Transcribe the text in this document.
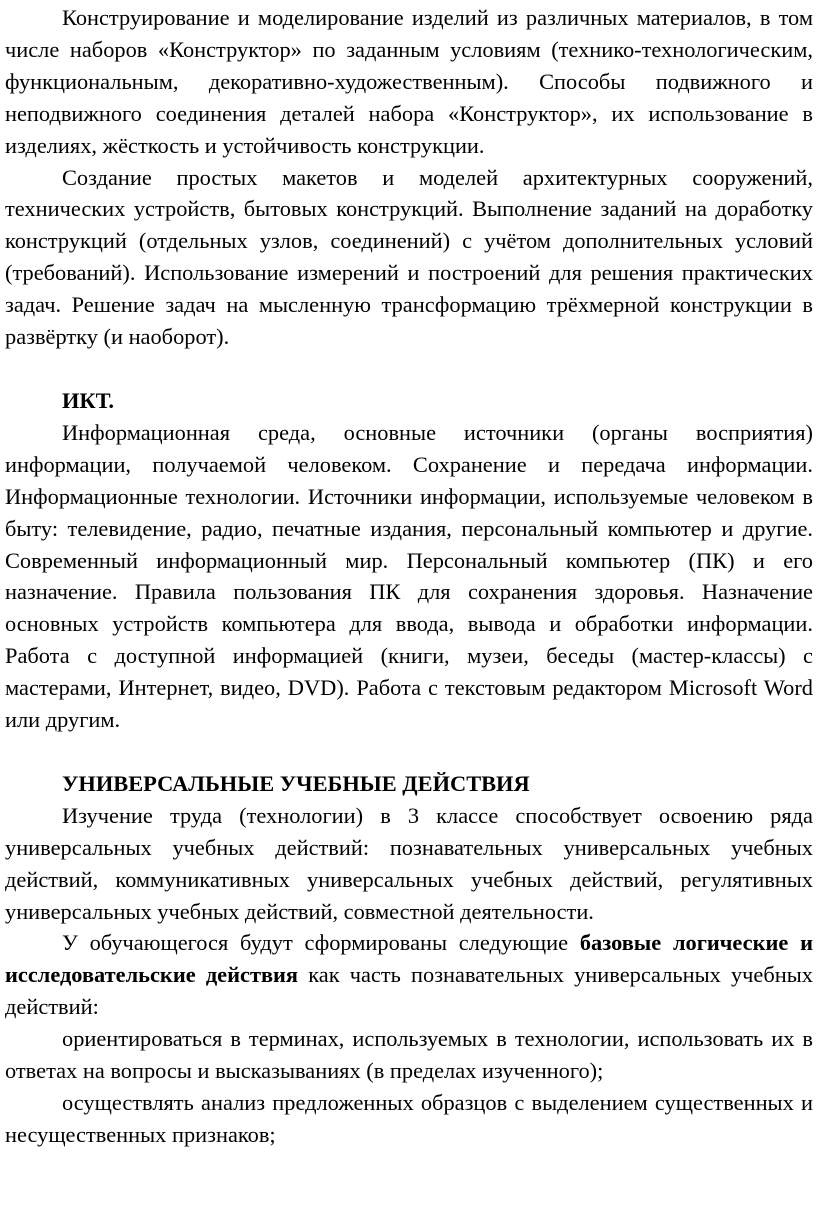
Конструирование и моделирование изделий из различных материалов, в том числе наборов «Конструктор» по заданным условиям (технико-технологическим, функциональным, декоративно-художественным). Способы подвижного и неподвижного соединения деталей набора «Конструктор», их использование в изделиях, жёсткость и устойчивость конструкции.

Создание простых макетов и моделей архитектурных сооружений, технических устройств, бытовых конструкций. Выполнение заданий на доработку конструкций (отдельных узлов, соединений) с учётом дополнительных условий (требований). Использование измерений и построений для решения практических задач. Решение задач на мысленную трансформацию трёхмерной конструкции в развёртку (и наоборот).

ИКТ.

Информационная среда, основные источники (органы восприятия) информации, получаемой человеком. Сохранение и передача информации. Информационные технологии. Источники информации, используемые человеком в быту: телевидение, радио, печатные издания, персональный компьютер и другие. Современный информационный мир. Персональный компьютер (ПК) и его назначение. Правила пользования ПК для сохранения здоровья. Назначение основных устройств компьютера для ввода, вывода и обработки информации. Работа с доступной информацией (книги, музеи, беседы (мастер-классы) с мастерами, Интернет, видео, DVD). Работа с текстовым редактором Microsoft Word или другим.

УНИВЕРСАЛЬНЫЕ УЧЕБНЫЕ ДЕЙСТВИЯ

Изучение труда (технологии) в 3 классе способствует освоению ряда универсальных учебных действий: познавательных универсальных учебных действий, коммуникативных универсальных учебных действий, регулятивных универсальных учебных действий, совместной деятельности.

У обучающегося будут сформированы следующие базовые логические и исследовательские действия как часть познавательных универсальных учебных действий:

ориентироваться в терминах, используемых в технологии, использовать их в ответах на вопросы и высказываниях (в пределах изученного);

осуществлять анализ предложенных образцов с выделением существенных и несущественных признаков;
